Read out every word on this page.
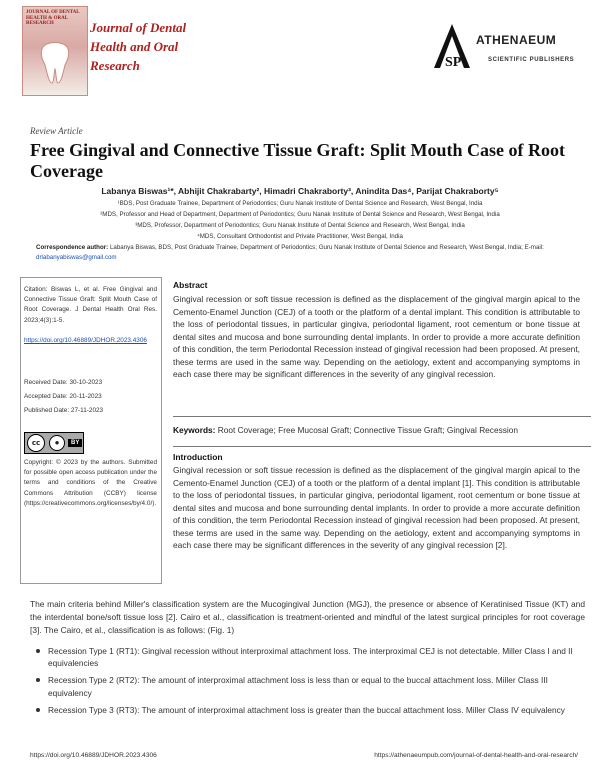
JOURNAL OF DENTAL HEALTH & ORAL RESEARCH	Journal of Dental Health and Oral Research	SP
ATHENAEUM
SCIENTIFIC PUBLISHERS
Review Article
Free Gingival and Connective Tissue Graft: Split Mouth Case of Root Coverage
Labanya Biswas¹*, Abhijit Chakrabarty², Himadri Chakraborty³, Anindita Das⁴, Parijat Chakraborty⁵
¹BDS, Post Graduate Trainee, Department of Periodontics; Guru Nanak Institute of Dental Science and Research, West Bengal, India
²MDS, Professor and Head of Department, Department of Periodontics; Guru Nanak Institute of Dental Science and Research, West Bengal, India
³MDS, Professor, Department of Periodontics; Guru Nanak Institute of Dental Science and Research, West Bengal, India
⁴MDS, Consultant Orthodontist and Private Practitioner, West Bengal, India
Correspondence author: Labanya Biswas, BDS, Post Graduate Trainee, Department of Periodontics; Guru Nanak Institute of Dental Science and Research, West Bengal, India; E-mail: drlabanyabiswas@gmail.com
Citation: Biswas L, et al. Free Gingival and Connective Tissue Graft: Split Mouth Case of Root Coverage. J Dental Health Oral Res. 2023;4(3):1-5.
https://doi.org/10.46889/JDHOR.2023.4306
Received Date: 30-10-2023
Accepted Date: 20-11-2023
Published Date: 27-11-2023
cc	●	BY
Copyright: © 2023 by the authors. Submitted for possible open access publication under the terms and conditions of the Creative Commons Attribution (CCBY) license (https://creativecommons.org/licenses/by/4.0/).
Abstract
Gingival recession or soft tissue recession is defined as the displacement of the gingival margin apical to the Cemento-Enamel Junction (CEJ) of a tooth or the platform of a dental implant. This condition is attributable to the loss of periodontal tissues, in particular gingiva, periodontal ligament, root cementum or bone tissue at dental sites and mucosa and bone surrounding dental implants. In order to provide a more accurate definition of this condition, the term Periodontal Recession instead of gingival recession had been proposed. At present, these terms are used in the same way. Depending on the aetiology, extent and accompanying symptoms in each case there may be significant differences in the severity of any gingival recession.
Keywords: Root Coverage; Free Mucosal Graft; Connective Tissue Graft; Gingival Recession
Introduction
Gingival recession or soft tissue recession is defined as the displacement of the gingival margin apical to the Cemento-Enamel Junction (CEJ) of a tooth or the platform of a dental implant [1]. This condition is attributable to the loss of periodontal tissues, in particular gingiva, periodontal ligament, root cementum or bone tissue at dental sites and mucosa and bone surrounding dental implants. In order to provide a more accurate definition of this condition, the term Periodontal Recession instead of gingival recession had been proposed. At present, these terms are used in the same way. Depending on the aetiology, extent and accompanying symptoms in each case there may be significant differences in the severity of any gingival recession [2].
The main criteria behind Miller's classification system are the Mucogingival Junction (MGJ), the presence or absence of Keratinised Tissue (KT) and the interdental bone/soft tissue loss [2]. Cairo et al., classification is treatment-oriented and mindful of the latest surgical principles for root coverage [3]. The Cairo, et al., classification is as follows: (Fig. 1)
Recession Type 1 (RT1): Gingival recession without interproximal attachment loss. The interproximal CEJ is not detectable. Miller Class I and II equivalencies
Recession Type 2 (RT2): The amount of interproximal attachment loss is less than or equal to the buccal attachment loss. Miller Class III equivalency
Recession Type 3 (RT3): The amount of interproximal attachment loss is greater than the buccal attachment loss. Miller Class IV equivalency
https://doi.org/10.46889/JDHOR.2023.4306	https://athenaeumpub.com/journal-of-dental-health-and-oral-research/
